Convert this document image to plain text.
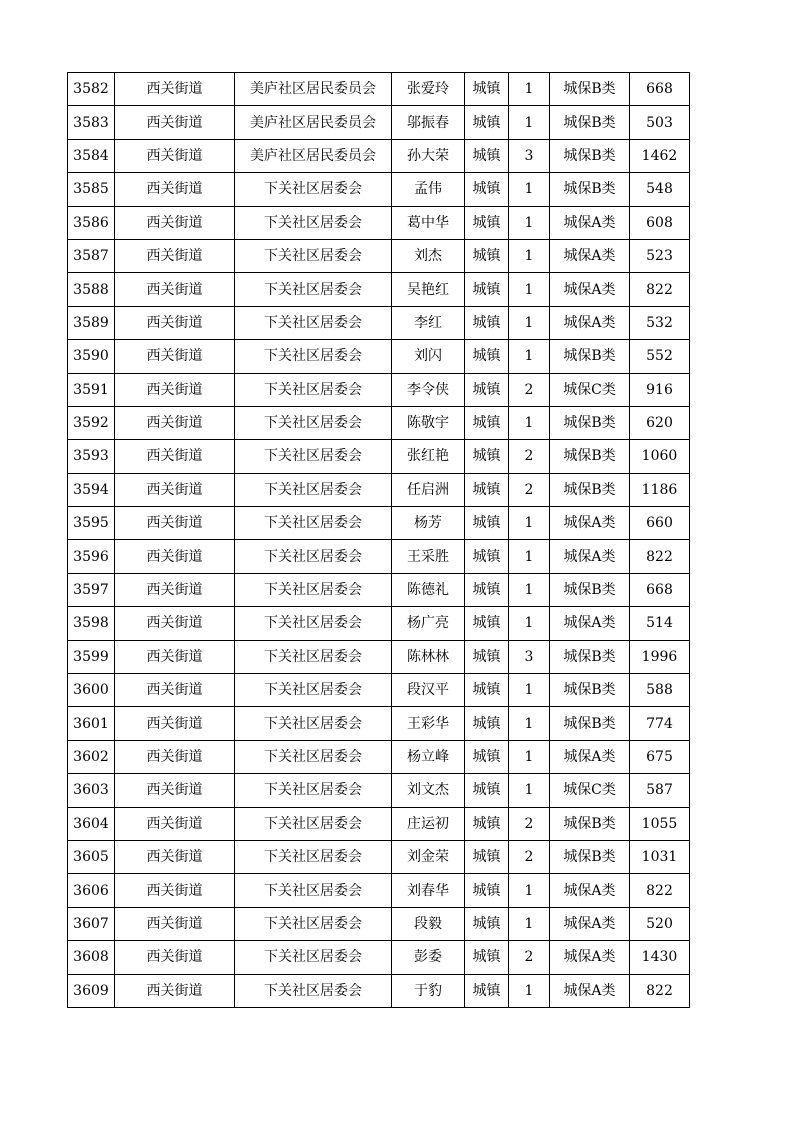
3582	西关街道	美庐社区居民委员会	张爱玲	城镇	1	城保B类	668
3583	西关街道	美庐社区居民委员会	邬振春	城镇	1	城保B类	503
3584	西关街道	美庐社区居民委员会	孙大荣	城镇	3	城保B类	1462
3585	西关街道	下关社区居委会	孟伟	城镇	1	城保B类	548
3586	西关街道	下关社区居委会	葛中华	城镇	1	城保A类	608
3587	西关街道	下关社区居委会	刘杰	城镇	1	城保A类	523
3588	西关街道	下关社区居委会	吴艳红	城镇	1	城保A类	822
3589	西关街道	下关社区居委会	李红	城镇	1	城保A类	532
3590	西关街道	下关社区居委会	刘闪	城镇	1	城保B类	552
3591	西关街道	下关社区居委会	李令侠	城镇	2	城保C类	916
3592	西关街道	下关社区居委会	陈敬宇	城镇	1	城保B类	620
3593	西关街道	下关社区居委会	张红艳	城镇	2	城保B类	1060
3594	西关街道	下关社区居委会	任启洲	城镇	2	城保B类	1186
3595	西关街道	下关社区居委会	杨芳	城镇	1	城保A类	660
3596	西关街道	下关社区居委会	王采胜	城镇	1	城保A类	822
3597	西关街道	下关社区居委会	陈德礼	城镇	1	城保B类	668
3598	西关街道	下关社区居委会	杨广亮	城镇	1	城保A类	514
3599	西关街道	下关社区居委会	陈林林	城镇	3	城保B类	1996
3600	西关街道	下关社区居委会	段汉平	城镇	1	城保B类	588
3601	西关街道	下关社区居委会	王彩华	城镇	1	城保B类	774
3602	西关街道	下关社区居委会	杨立峰	城镇	1	城保A类	675
3603	西关街道	下关社区居委会	刘文杰	城镇	1	城保C类	587
3604	西关街道	下关社区居委会	庄运初	城镇	2	城保B类	1055
3605	西关街道	下关社区居委会	刘金荣	城镇	2	城保B类	1031
3606	西关街道	下关社区居委会	刘春华	城镇	1	城保A类	822
3607	西关街道	下关社区居委会	段毅	城镇	1	城保A类	520
3608	西关街道	下关社区居委会	彭委	城镇	2	城保A类	1430
3609	西关街道	下关社区居委会	于豹	城镇	1	城保A类	822
